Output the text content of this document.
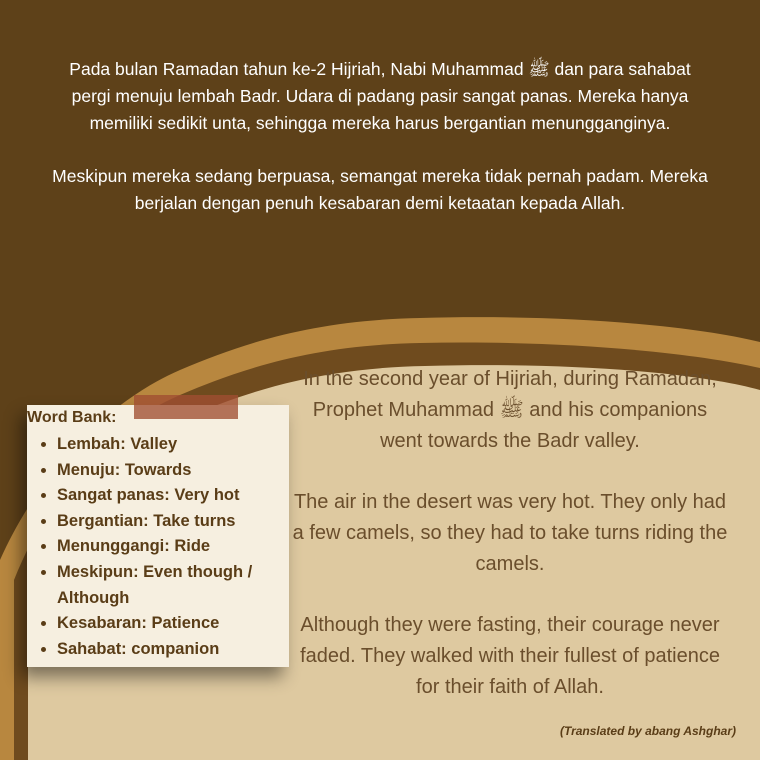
Pada bulan Ramadan tahun ke-2 Hijriah, Nabi Muhammad ﷺ dan para sahabat pergi menuju lembah Badr. Udara di padang pasir sangat panas. Mereka hanya memiliki sedikit unta, sehingga mereka harus bergantian menungganginya.

Meskipun mereka sedang berpuasa, semangat mereka tidak pernah padam. Mereka berjalan dengan penuh kesabaran demi ketaatan kepada Allah.

In the second year of Hijriah, during Ramadan, Prophet Muhammad ﷺ and his companions went towards the Badr valley.

The air in the desert was very hot. They only had a few camels, so they had to take turns riding the camels.

Although they were fasting, their courage never faded. They walked with their fullest of patience for their faith of Allah.

Word Bank:
• Lembah: Valley
• Menuju: Towards
• Sangat panas: Very hot
• Bergantian: Take turns
• Menunggangi: Ride
• Meskipun: Even though / Although
• Kesabaran: Patience
• Sahabat: companion
(Translated by abang Ashghar)
